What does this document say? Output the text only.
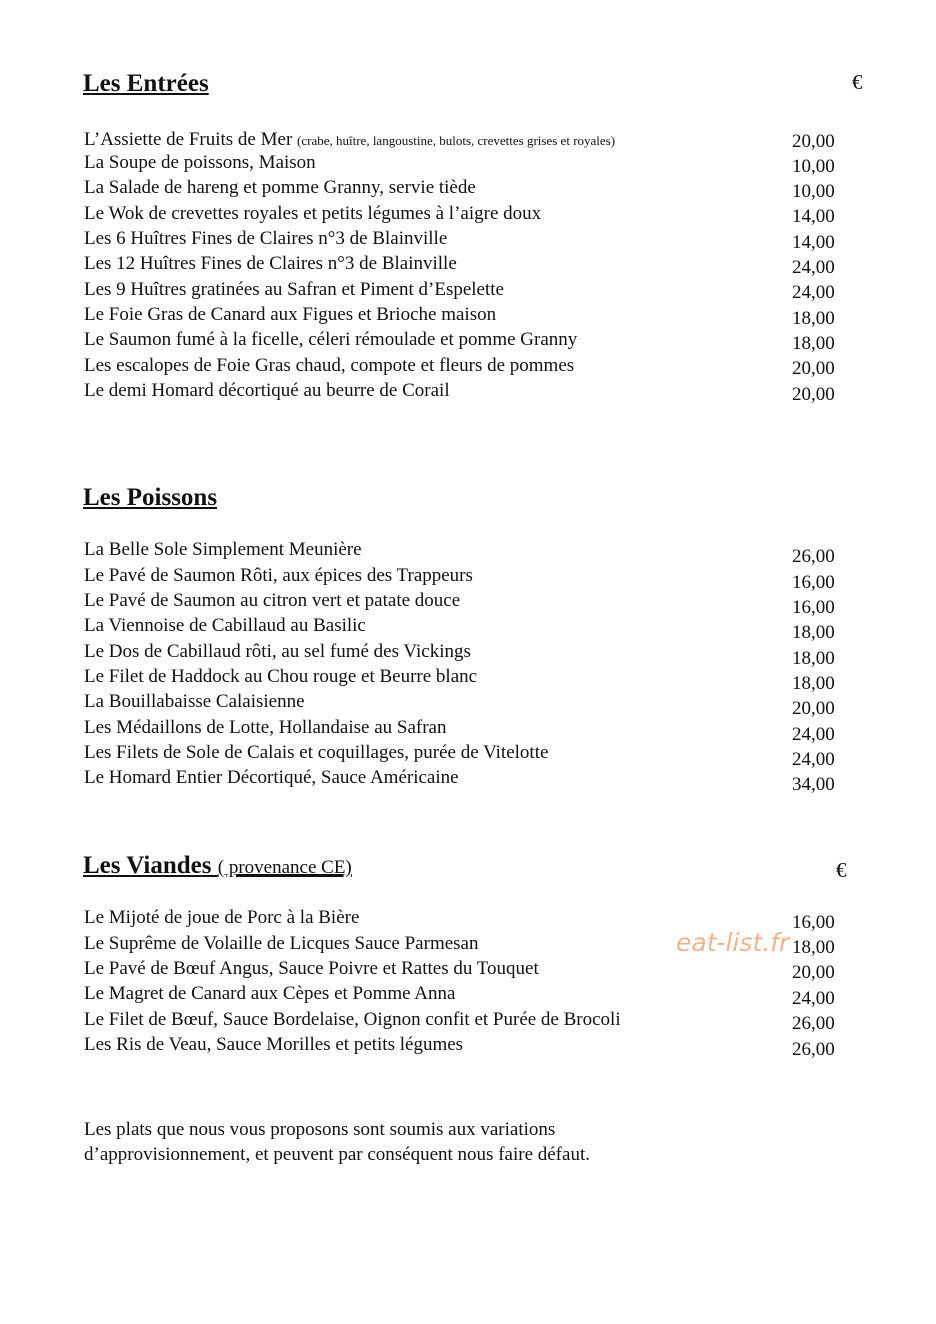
Les Entrées	€
L’Assiette de Fruits de Mer (crabe, huître, langoustine, bulots, crevettes grises et royales)	20,00
La Soupe de poissons, Maison	10,00
La Salade de hareng et pomme Granny, servie tiède	10,00
Le Wok de crevettes royales et petits légumes à l’aigre doux	14,00
Les 6 Huîtres Fines de Claires n°3 de Blainville	14,00
Les 12 Huîtres Fines de Claires n°3 de Blainville	24,00
Les 9 Huîtres gratinées au Safran et Piment d’Espelette	24,00
Le Foie Gras de Canard aux Figues et Brioche maison	18,00
Le Saumon fumé à la ficelle, céleri rémoulade et pomme Granny	18,00
Les escalopes de Foie Gras chaud, compote et fleurs de pommes	20,00
Le demi Homard décortiqué au beurre de Corail	20,00
Les Poissons
La Belle Sole Simplement Meunière	26,00
Le Pavé de Saumon Rôti, aux épices des Trappeurs	16,00
Le Pavé de Saumon au citron vert et patate douce	16,00
La Viennoise de Cabillaud au Basilic	18,00
Le Dos de Cabillaud rôti, au sel fumé des Vickings	18,00
Le Filet de Haddock au Chou rouge et Beurre blanc	18,00
La Bouillabaisse Calaisienne	20,00
Les Médaillons de Lotte, Hollandaise au Safran	24,00
Les Filets de Sole de Calais et coquillages, purée de Vitelotte	24,00
Le Homard Entier Décortiqué, Sauce Américaine	34,00
Les Viandes ( provenance CE)	€
Le Mijoté de joue de Porc à la Bière	16,00
Le Suprême de Volaille de Licques Sauce Parmesan	18,00
Le Pavé de Bœuf Angus, Sauce Poivre et Rattes du Touquet	20,00
Le Magret de Canard aux Cèpes et Pomme Anna	24,00
Le Filet de Bœuf, Sauce Bordelaise, Oignon confit et Purée de Brocoli	26,00
Les Ris de Veau, Sauce Morilles et petits légumes	26,00
eat-list.fr
Les plats que nous vous proposons sont soumis aux variations
d’approvisionnement, et peuvent par conséquent nous faire défaut.
